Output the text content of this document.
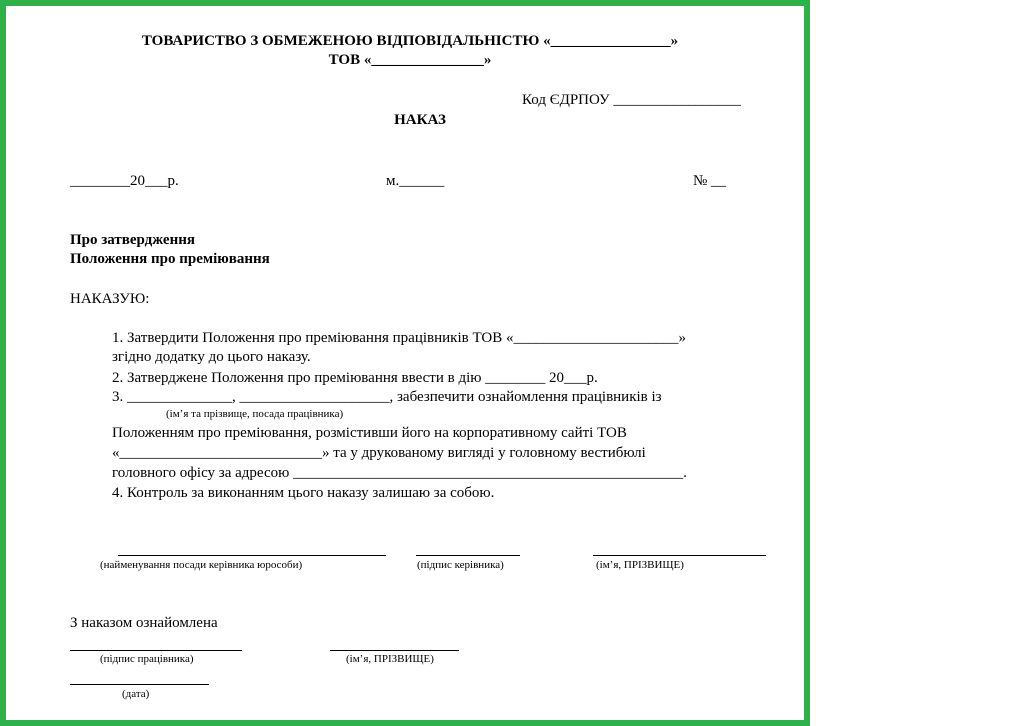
ТОВАРИСТВО З ОБМЕЖЕНОЮ ВІДПОВІДАЛЬНІСТЮ «________________»
ТОВ «_______________»
Код ЄДРПОУ _________________
НАКАЗ
________20___р.	м.______	№ __
Про затвердження
Положення про преміювання
НАКАЗУЮ:
1. Затвердити Положення про преміювання працівників ТОВ «______________________»
згідно додатку до цього наказу.
2. Затверджене Положення про преміювання ввести в дію ________ 20___р.
3. ______________, ____________________, забезпечити ознайомлення працівників із
(ім’я та прізвище, посада працівника)
Положенням про преміювання, розмістивши його на корпоративному сайті ТОВ
«___________________________» та у друкованому вигляді у головному вестибюлі
головного офісу за адресою ____________________________________________________.
4. Контроль за виконанням цього наказу залишаю за собою.
(найменування посади керівника юрособи)	(підпис керівника)	(ім’я, ПРІЗВИЩЕ)
З наказом ознайомлена
(підпис працівника)	(ім’я, ПРІЗВИЩЕ)
(дата)
